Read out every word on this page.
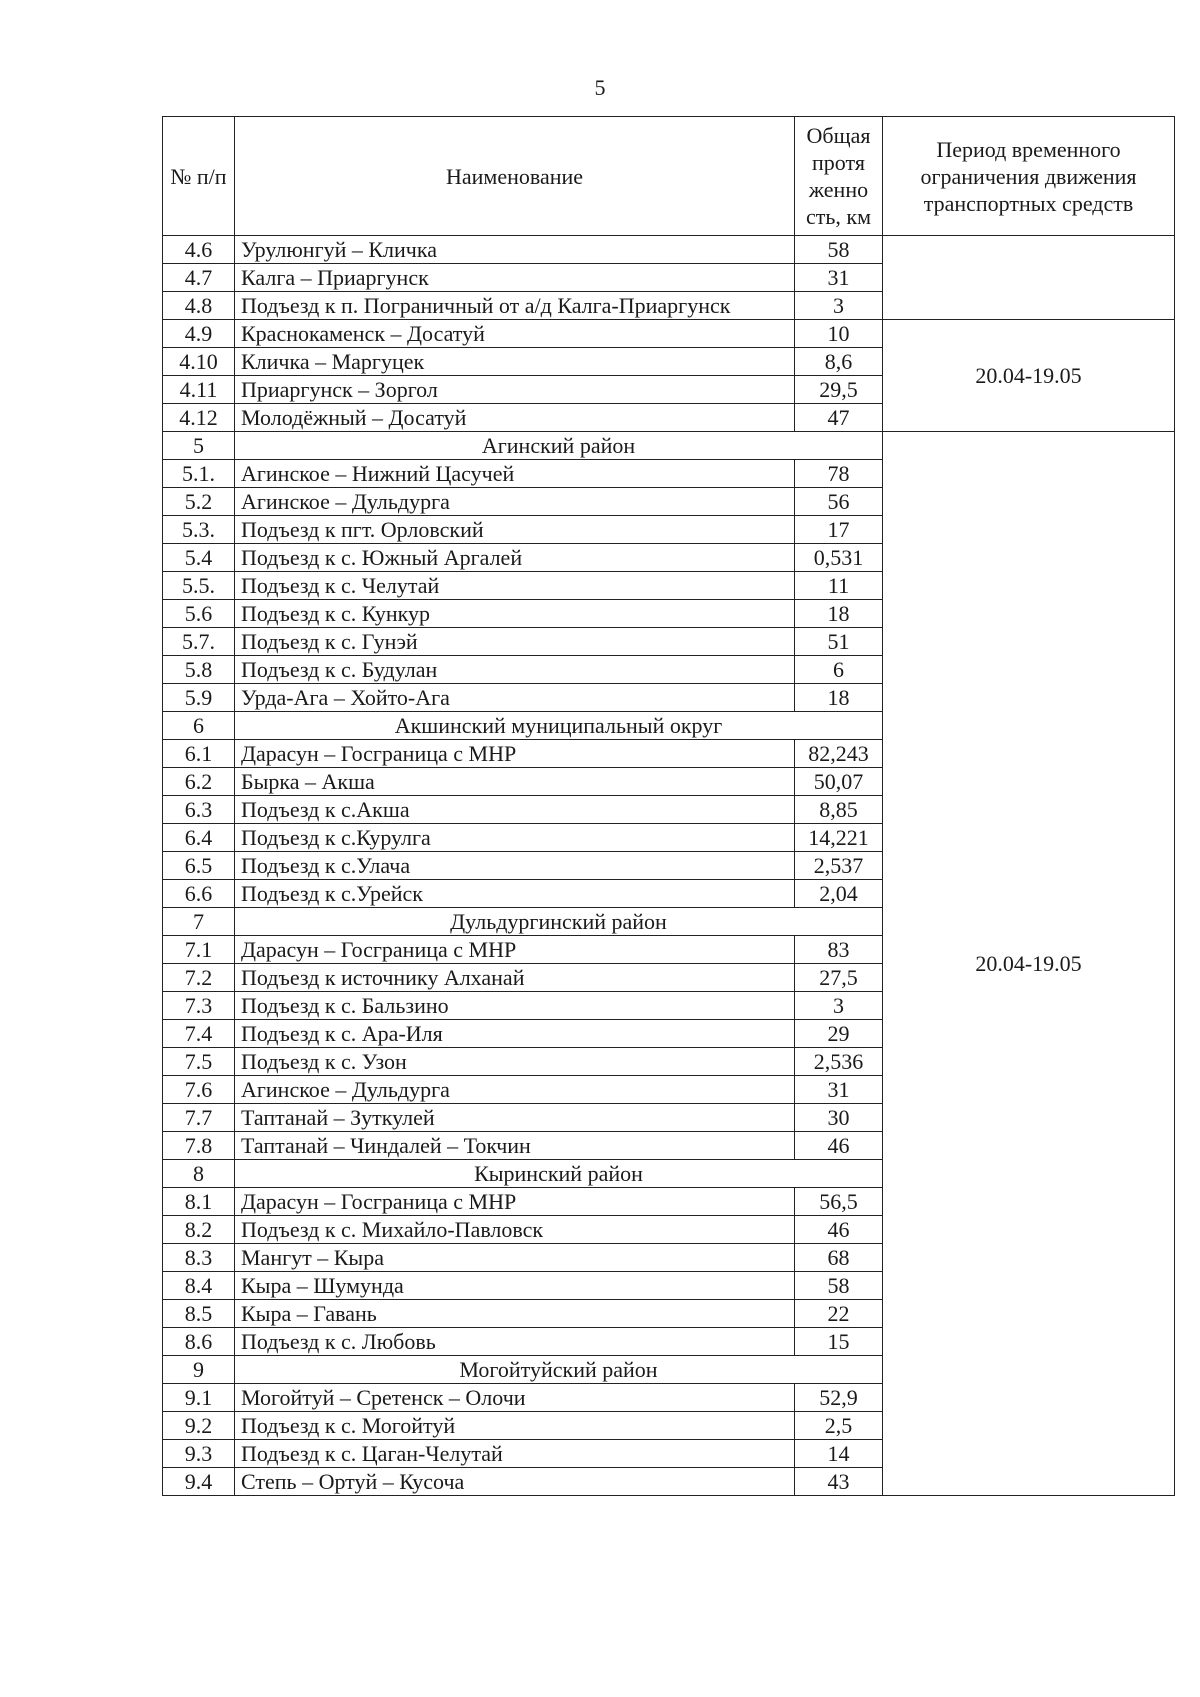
5
№ п/п	Наименование	Общая
протя
женно
сть, км	Период временного ограничения движения транспортных средств
4.6	Урулюнгуй – Кличка	58	
4.7	Калга – Приаргунск	31	
4.8	Подъезд к п. Пограничный от а/д Калга-Приаргунск	3	
4.9	Краснокаменск – Досатуй	10	20.04-19.05
4.10	Кличка – Маргуцек	8,6	
4.11	Приаргунск – Зоргол	29,5	
4.12	Молодёжный – Досатуй	47	
5	Агинский район		20.04-19.05
5.1.	Агинское – Нижний Цасучей	78	
5.2	Агинское – Дульдурга	56	
5.3.	Подъезд к пгт. Орловский	17	
5.4	Подъезд к с. Южный Аргалей	0,531	
5.5.	Подъезд к с. Челутай	11	
5.6	Подъезд к с. Кункур	18	
5.7.	Подъезд к с. Гунэй	51	
5.8	Подъезд к с. Будулан	6	
5.9	Урда-Ага – Хойто-Ага	18	
6	Акшинский муниципальный округ		
6.1	Дарасун – Госграница с МНР	82,243	
6.2	Бырка – Акша	50,07	
6.3	Подъезд к с.Акша	8,85	
6.4	Подъезд к с.Курулга	14,221	
6.5	Подъезд к с.Улача	2,537	
6.6	Подъезд к с.Урейск	2,04	
7	Дульдургинский район		
7.1	Дарасун – Госграница с МНР	83	
7.2	Подъезд к источнику Алханай	27,5	
7.3	Подъезд к с. Бальзино	3	
7.4	Подъезд к с. Ара-Иля	29	
7.5	Подъезд к с. Узон	2,536	
7.6	Агинское – Дульдурга	31	
7.7	Таптанай – Зуткулей	30	
7.8	Таптанай – Чиндалей – Токчин	46	
8	Кыринский район		
8.1	Дарасун – Госграница с МНР	56,5	
8.2	Подъезд к с. Михайло-Павловск	46	
8.3	Мангут – Кыра	68	
8.4	Кыра – Шумунда	58	
8.5	Кыра – Гавань	22	
8.6	Подъезд к с. Любовь	15	
9	Могойтуйский район		
9.1	Могойтуй – Сретенск – Олочи	52,9	
9.2	Подъезд к с. Могойтуй	2,5	
9.3	Подъезд к с. Цаган-Челутай	14	
9.4	Степь – Ортуй – Кусоча	43	
